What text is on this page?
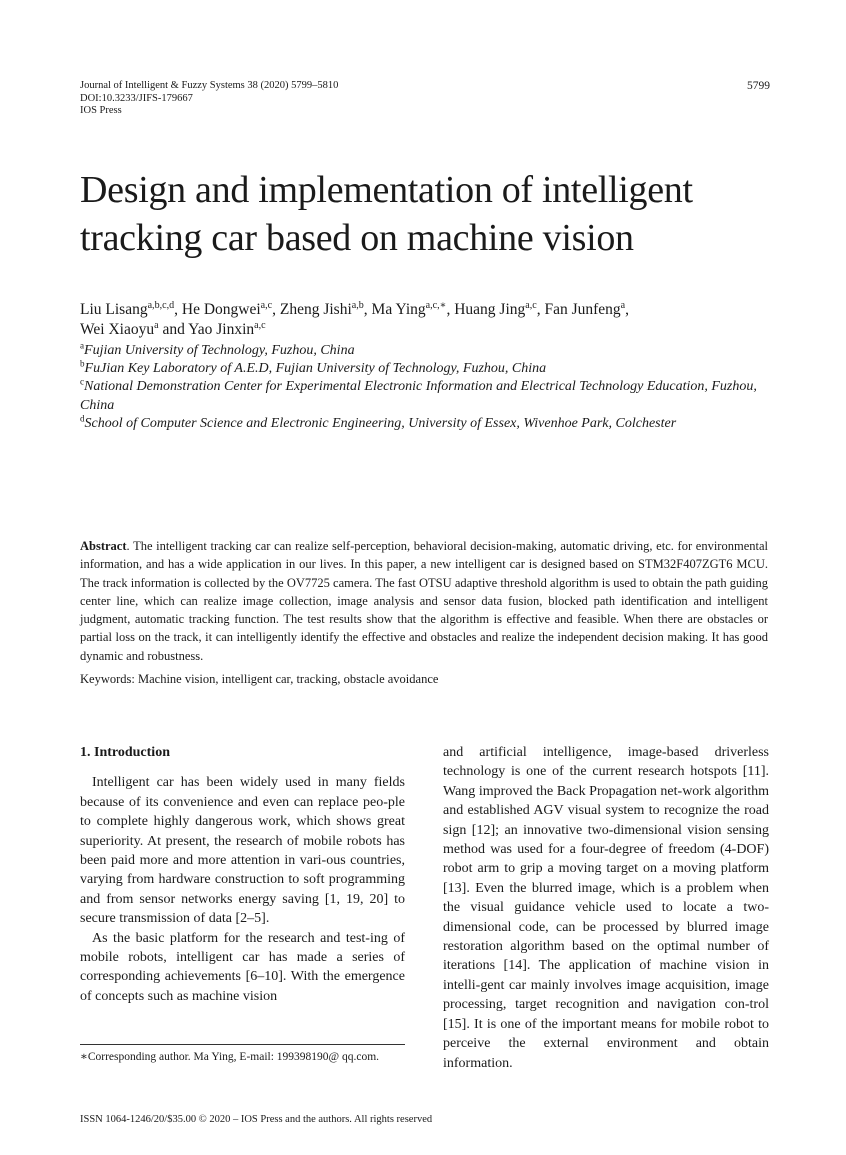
Journal of Intelligent & Fuzzy Systems 38 (2020) 5799–5810
DOI:10.3233/JIFS-179667
IOS Press
5799
Design and implementation of intelligent
tracking car based on machine vision
Liu Lisang$^{a,b,c,d}$, He Dongwei$^{a,c}$, Zheng Jishi$^{a,b}$, Ma Ying$^{a,c,∗}$, Huang Jing$^{a,c}$, Fan Junfeng$^a$,
Wei Xiaoyu$^a$ and Yao Jinxin$^{a,c}$
$^a$Fujian University of Technology, Fuzhou, China
$^b$FuJian Key Laboratory of A.E.D, Fujian University of Technology, Fuzhou, China
$^c$National Demonstration Center for Experimental Electronic Information and Electrical Technology Education, Fuzhou, China
$^d$School of Computer Science and Electronic Engineering, University of Essex, Wivenhoe Park, Colchester
Abstract. The intelligent tracking car can realize self-perception, behavioral decision-making, automatic driving, etc. for environmental information, and has a wide application in our lives. In this paper, a new intelligent car is designed based on STM32F407ZGT6 MCU. The track information is collected by the OV7725 camera. The fast OTSU adaptive threshold algorithm is used to obtain the path guiding center line, which can realize image collection, image analysis and sensor data fusion, blocked path identification and intelligent judgment, automatic tracking function. The test results show that the algorithm is effective and feasible. When there are obstacles or partial loss on the track, it can intelligently identify the effective and obstacles and realize the independent decision making. It has good dynamic and robustness.
Keywords: Machine vision, intelligent car, tracking, obstacle avoidance
1. Introduction

Intelligent car has been widely used in many fields because of its convenience and even can replace peo-ple to complete highly dangerous work, which shows great superiority. At present, the research of mobile robots has been paid more and more attention in vari-ous countries, varying from hardware construction to soft programming and from sensor networks energy saving [1, 19, 20] to secure transmission of data [2–5].

As the basic platform for the research and test-ing of mobile robots, intelligent car has made a series of corresponding achievements [6–10]. With the emergence of concepts such as machine vision

and artificial intelligence, image-based driverless technology is one of the current research hotspots [11]. Wang improved the Back Propagation net-work algorithm and established AGV visual system to recognize the road sign [12]; an innovative two-dimensional vision sensing method was used for a four-degree of freedom (4-DOF) robot arm to grip a moving target on a moving platform [13]. Even the blurred image, which is a problem when the visual guidance vehicle used to locate a two-dimensional code, can be processed by blurred image restoration algorithm based on the optimal number of iterations [14]. The application of machine vision in intelli-gent car mainly involves image acquisition, image processing, target recognition and navigation con-trol [15]. It is one of the important means for mobile robot to perceive the external environment and obtain information.

∗Corresponding author. Ma Ying, E-mail: 199398190@ qq.com.
ISSN 1064-1246/20/$35.00 © 2020 – IOS Press and the authors. All rights reserved
